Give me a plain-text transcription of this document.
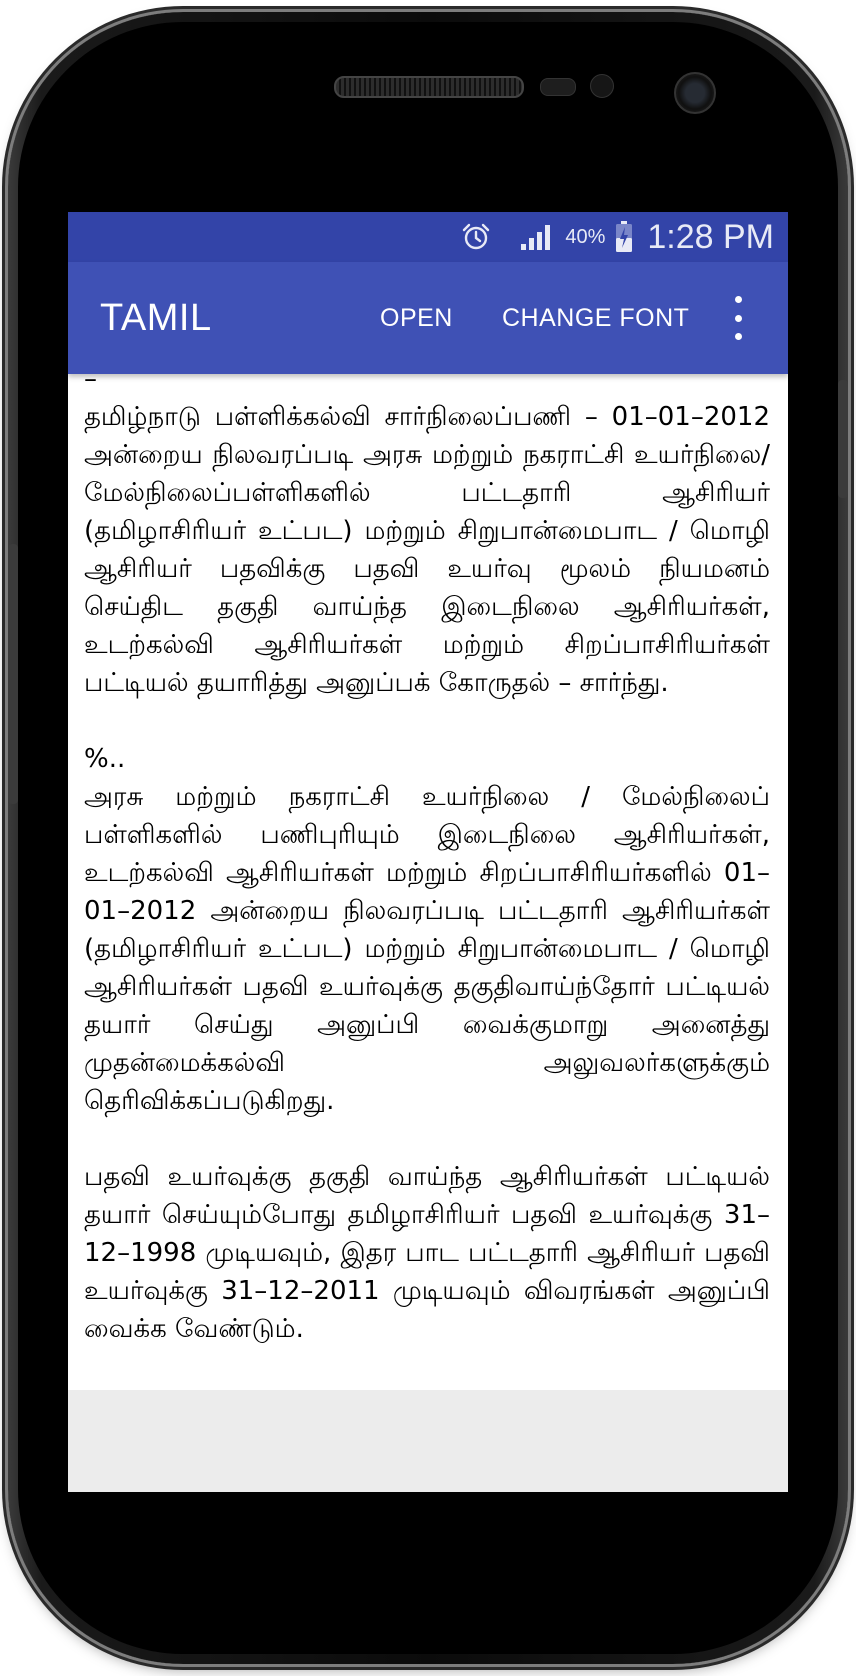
40% 1:28 PM
TAMIL	OPEN CHANGE FONT

–

தமிழ்நாடு பள்ளிக்கல்வி சார்நிலைப்பணி – 01–01–2012 அன்றைய நிலவரப்படி அரசு மற்றும் நகராட்சி உயர்நிலை/ மேல்நிலைப்பள்ளிகளில் பட்டதாரி ஆசிரியர் (தமிழாசிரியர் உட்பட) மற்றும் சிறுபான்மைபாட / மொழி ஆசிரியர் பதவிக்கு பதவி உயர்வு மூலம் நியமனம் செய்திட தகுதி வாய்ந்த இடைநிலை ஆசிரியர்கள், உடற்கல்வி ஆசிரியர்கள் மற்றும் சிறப்பாசிரியர்கள் பட்டியல் தயாரித்து அனுப்பக் கோருதல் – சார்ந்து.

%..

அரசு மற்றும் நகராட்சி உயர்நிலை / மேல்நிலைப் பள்ளிகளில் பணிபுரியும் இடைநிலை ஆசிரியர்கள், உடற்கல்வி ஆசிரியர்கள் மற்றும் சிறப்பாசிரியர்களில் 01–01–2012 அன்றைய நிலவரப்படி பட்டதாரி ஆசிரியர்கள் (தமிழாசிரியர் உட்பட) மற்றும் சிறுபான்மைபாட / மொழி ஆசிரியர்கள் பதவி உயர்வுக்கு தகுதிவாய்ந்தோர் பட்டியல் தயார் செய்து அனுப்பி வைக்குமாறு அனைத்து முதன்மைக்கல்வி அலுவலர்களுக்கும் தெரிவிக்கப்படுகிறது.

பதவி உயர்வுக்கு தகுதி வாய்ந்த ஆசிரியர்கள் பட்டியல் தயார் செய்யும்போது தமிழாசிரியர் பதவி உயர்வுக்கு 31–12–1998 முடியவும், இதர பாட பட்டதாரி ஆசிரியர் பதவி உயர்வுக்கு 31–12–2011 முடியவும் விவரங்கள் அனுப்பி வைக்க வேண்டும்.
